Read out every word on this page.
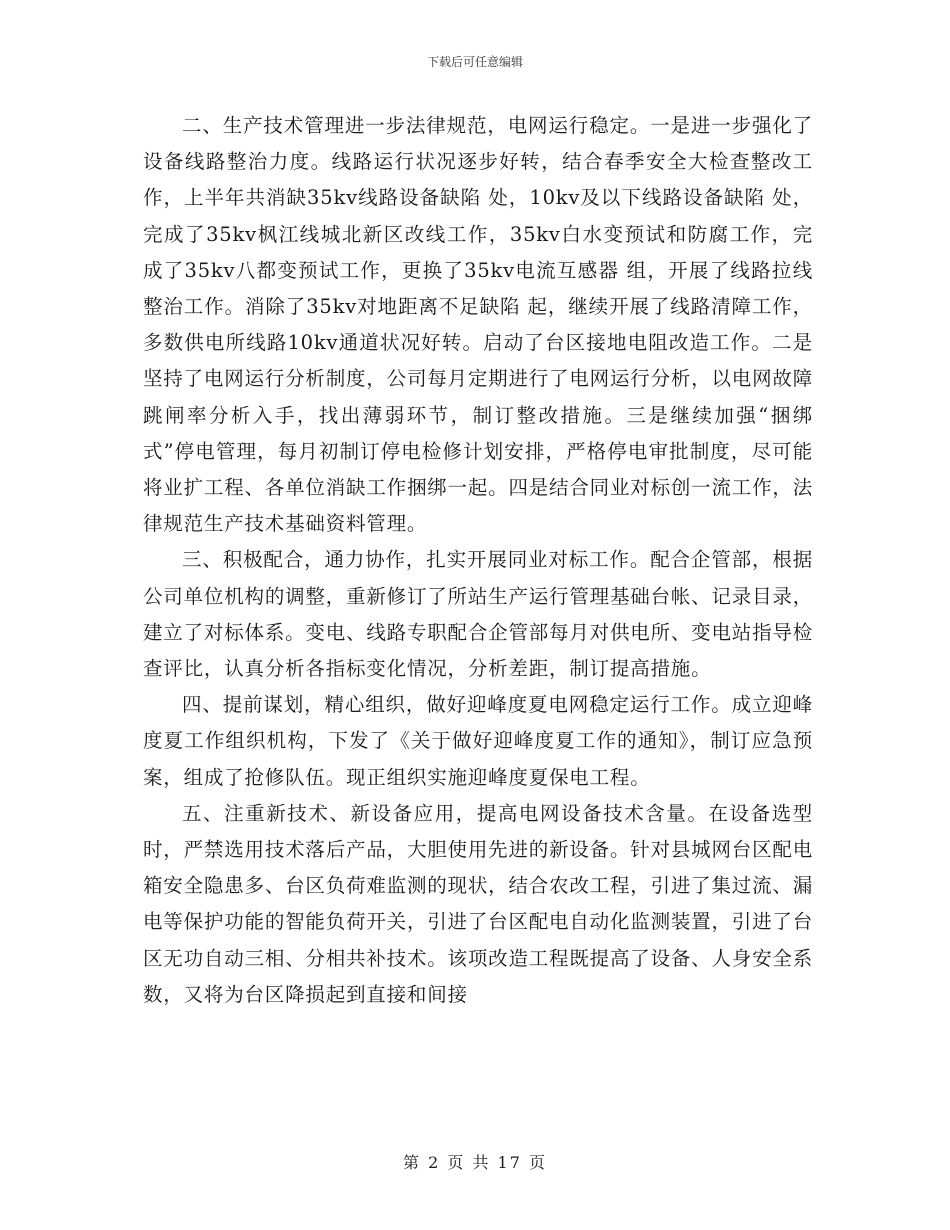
下载后可任意编辑

二、生产技术管理进一步法律规范，电网运行稳定。一是进一步强化了设备线路整治力度。线路运行状况逐步好转，结合春季安全大检查整改工作，上半年共消缺35kv线路设备缺陷 处，10kv及以下线路设备缺陷 处，完成了35kv枫江线城北新区改线工作，35kv白水变预试和防腐工作，完成了35kv八都变预试工作，更换了35kv电流互感器 组，开展了线路拉线整治工作。消除了35kv对地距离不足缺陷 起，继续开展了线路清障工作，多数供电所线路10kv通道状况好转。启动了台区接地电阻改造工作。二是坚持了电网运行分析制度，公司每月定期进行了电网运行分析，以电网故障跳闸率分析入手，找出薄弱环节，制订整改措施。三是继续加强“捆绑式”停电管理，每月初制订停电检修计划安排，严格停电审批制度，尽可能将业扩工程、各单位消缺工作捆绑一起。四是结合同业对标创一流工作，法律规范生产技术基础资料管理。

三、积极配合，通力协作，扎实开展同业对标工作。配合企管部，根据公司单位机构的调整，重新修订了所站生产运行管理基础台帐、记录目录，建立了对标体系。变电、线路专职配合企管部每月对供电所、变电站指导检查评比，认真分析各指标变化情况，分析差距，制订提高措施。

四、提前谋划，精心组织，做好迎峰度夏电网稳定运行工作。成立迎峰度夏工作组织机构，下发了《关于做好迎峰度夏工作的通知》，制订应急预案，组成了抢修队伍。现正组织实施迎峰度夏保电工程。

五、注重新技术、新设备应用，提高电网设备技术含量。在设备选型时，严禁选用技术落后产品，大胆使用先进的新设备。针对县城网台区配电箱安全隐患多、台区负荷难监测的现状，结合农改工程，引进了集过流、漏电等保护功能的智能负荷开关，引进了台区配电自动化监测装置，引进了台区无功自动三相、分相共补技术。该项改造工程既提高了设备、人身安全系数，又将为台区降损起到直接和间接

第 2 页 共 17 页
